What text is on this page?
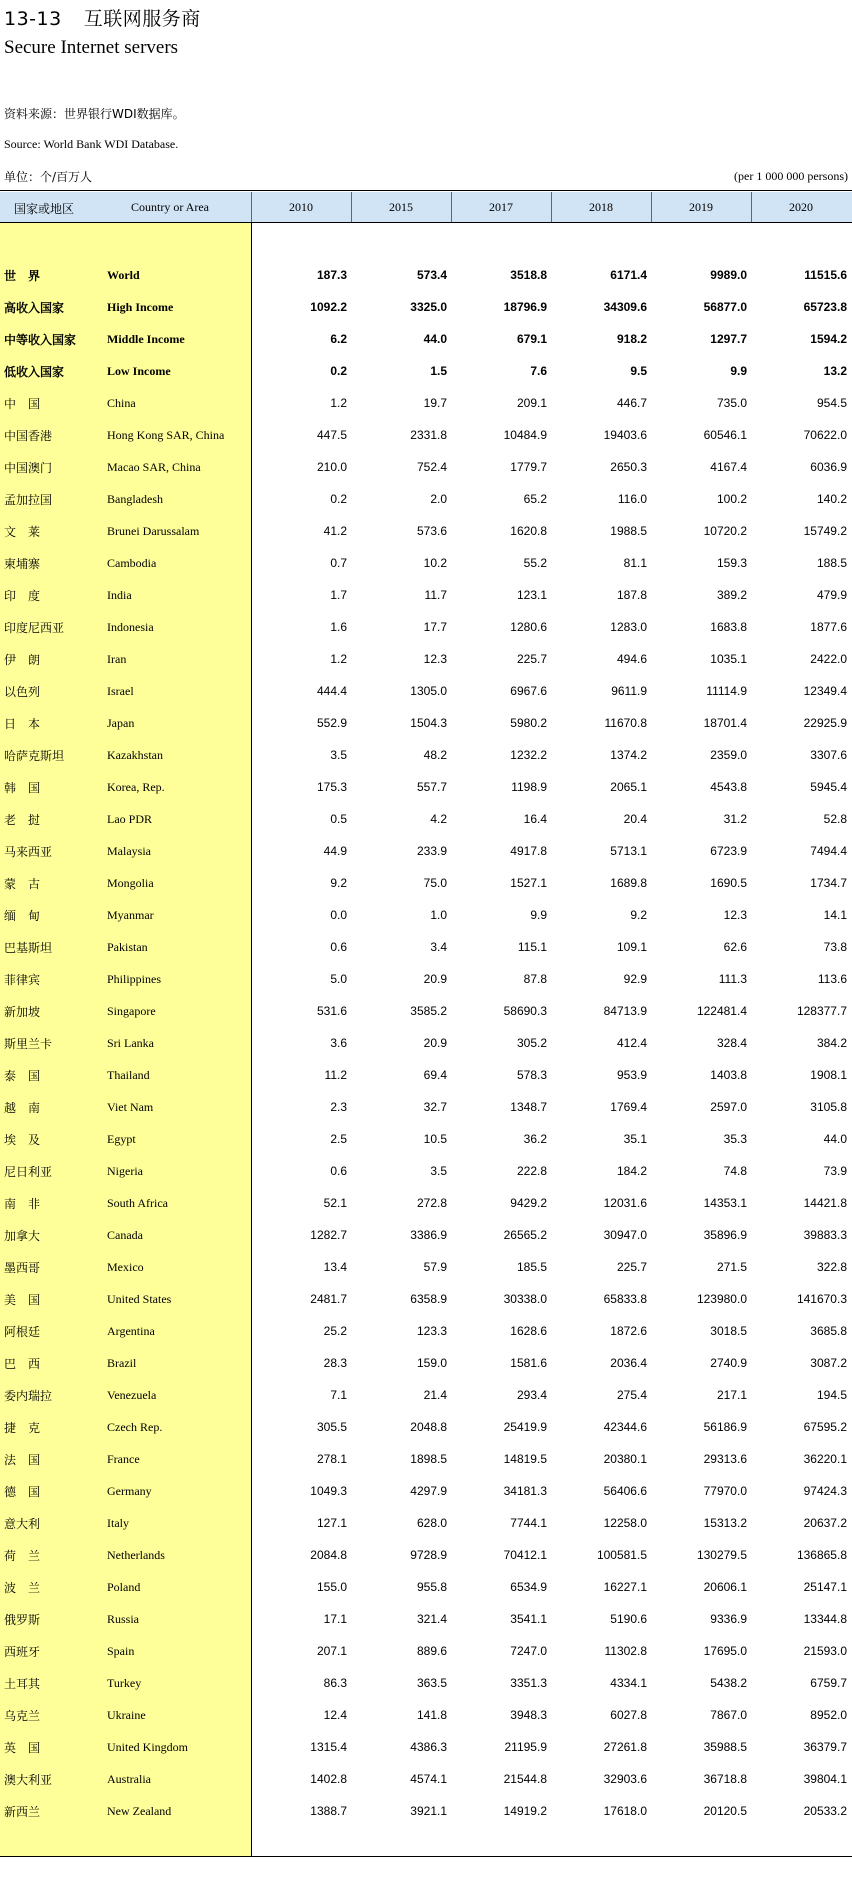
13-13 互联网服务商
Secure Internet servers
资料来源：世界银行WDI数据库。
Source: World Bank WDI Database.
单位：个/百万人	(per 1 000 000 persons)
国家或地区	Country or Area	2010	2015	2017	2018	2019	2020
世　界	World	187.3	573.4	3518.8	6171.4	9989.0	11515.6
高收入国家	High Income	1092.2	3325.0	18796.9	34309.6	56877.0	65723.8
中等收入国家	Middle Income	6.2	44.0	679.1	918.2	1297.7	1594.2
低收入国家	Low Income	0.2	1.5	7.6	9.5	9.9	13.2
中　国	China	1.2	19.7	209.1	446.7	735.0	954.5
中国香港	Hong Kong SAR, China	447.5	2331.8	10484.9	19403.6	60546.1	70622.0
中国澳门	Macao SAR, China	210.0	752.4	1779.7	2650.3	4167.4	6036.9
孟加拉国	Bangladesh	0.2	2.0	65.2	116.0	100.2	140.2
文　莱	Brunei Darussalam	41.2	573.6	1620.8	1988.5	10720.2	15749.2
柬埔寨	Cambodia	0.7	10.2	55.2	81.1	159.3	188.5
印　度	India	1.7	11.7	123.1	187.8	389.2	479.9
印度尼西亚	Indonesia	1.6	17.7	1280.6	1283.0	1683.8	1877.6
伊　朗	Iran	1.2	12.3	225.7	494.6	1035.1	2422.0
以色列	Israel	444.4	1305.0	6967.6	9611.9	11114.9	12349.4
日　本	Japan	552.9	1504.3	5980.2	11670.8	18701.4	22925.9
哈萨克斯坦	Kazakhstan	3.5	48.2	1232.2	1374.2	2359.0	3307.6
韩　国	Korea, Rep.	175.3	557.7	1198.9	2065.1	4543.8	5945.4
老　挝	Lao PDR	0.5	4.2	16.4	20.4	31.2	52.8
马来西亚	Malaysia	44.9	233.9	4917.8	5713.1	6723.9	7494.4
蒙　古	Mongolia	9.2	75.0	1527.1	1689.8	1690.5	1734.7
缅　甸	Myanmar	0.0	1.0	9.9	9.2	12.3	14.1
巴基斯坦	Pakistan	0.6	3.4	115.1	109.1	62.6	73.8
菲律宾	Philippines	5.0	20.9	87.8	92.9	111.3	113.6
新加坡	Singapore	531.6	3585.2	58690.3	84713.9	122481.4	128377.7
斯里兰卡	Sri Lanka	3.6	20.9	305.2	412.4	328.4	384.2
泰　国	Thailand	11.2	69.4	578.3	953.9	1403.8	1908.1
越　南	Viet Nam	2.3	32.7	1348.7	1769.4	2597.0	3105.8
埃　及	Egypt	2.5	10.5	36.2	35.1	35.3	44.0
尼日利亚	Nigeria	0.6	3.5	222.8	184.2	74.8	73.9
南　非	South Africa	52.1	272.8	9429.2	12031.6	14353.1	14421.8
加拿大	Canada	1282.7	3386.9	26565.2	30947.0	35896.9	39883.3
墨西哥	Mexico	13.4	57.9	185.5	225.7	271.5	322.8
美　国	United States	2481.7	6358.9	30338.0	65833.8	123980.0	141670.3
阿根廷	Argentina	25.2	123.3	1628.6	1872.6	3018.5	3685.8
巴　西	Brazil	28.3	159.0	1581.6	2036.4	2740.9	3087.2
委内瑞拉	Venezuela	7.1	21.4	293.4	275.4	217.1	194.5
捷　克	Czech Rep.	305.5	2048.8	25419.9	42344.6	56186.9	67595.2
法　国	France	278.1	1898.5	14819.5	20380.1	29313.6	36220.1
德　国	Germany	1049.3	4297.9	34181.3	56406.6	77970.0	97424.3
意大利	Italy	127.1	628.0	7744.1	12258.0	15313.2	20637.2
荷　兰	Netherlands	2084.8	9728.9	70412.1	100581.5	130279.5	136865.8
波　兰	Poland	155.0	955.8	6534.9	16227.1	20606.1	25147.1
俄罗斯	Russia	17.1	321.4	3541.1	5190.6	9336.9	13344.8
西班牙	Spain	207.1	889.6	7247.0	11302.8	17695.0	21593.0
土耳其	Turkey	86.3	363.5	3351.3	4334.1	5438.2	6759.7
乌克兰	Ukraine	12.4	141.8	3948.3	6027.8	7867.0	8952.0
英　国	United Kingdom	1315.4	4386.3	21195.9	27261.8	35988.5	36379.7
澳大利亚	Australia	1402.8	4574.1	21544.8	32903.6	36718.8	39804.1
新西兰	New Zealand	1388.7	3921.1	14919.2	17618.0	20120.5	20533.2
